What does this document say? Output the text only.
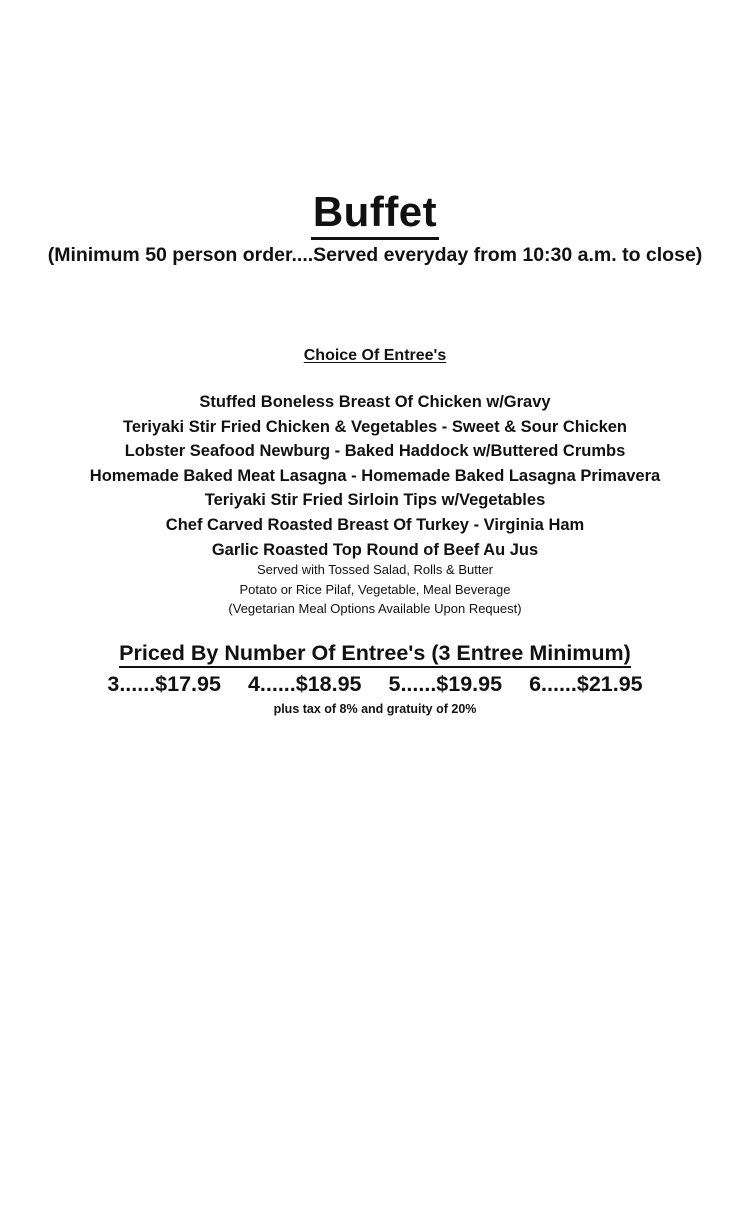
Buffet
(Minimum 50 person order....Served everyday from 10:30 a.m. to close)
Choice Of Entree's
Stuffed Boneless Breast Of Chicken w/Gravy
Teriyaki Stir Fried Chicken & Vegetables - Sweet & Sour Chicken
Lobster Seafood Newburg - Baked Haddock w/Buttered Crumbs
Homemade Baked Meat Lasagna - Homemade Baked Lasagna Primavera
Teriyaki Stir Fried Sirloin Tips w/Vegetables
Chef Carved Roasted Breast Of Turkey - Virginia Ham
Garlic Roasted Top Round of Beef Au Jus
Served with Tossed Salad, Rolls & Butter
Potato or Rice Pilaf, Vegetable, Meal Beverage
(Vegetarian Meal Options Available Upon Request)
Priced By Number Of Entree's (3 Entree Minimum)
3......$17.95 4......$18.95 5......$19.95 6......$21.95
plus tax of 8% and gratuity of 20%
